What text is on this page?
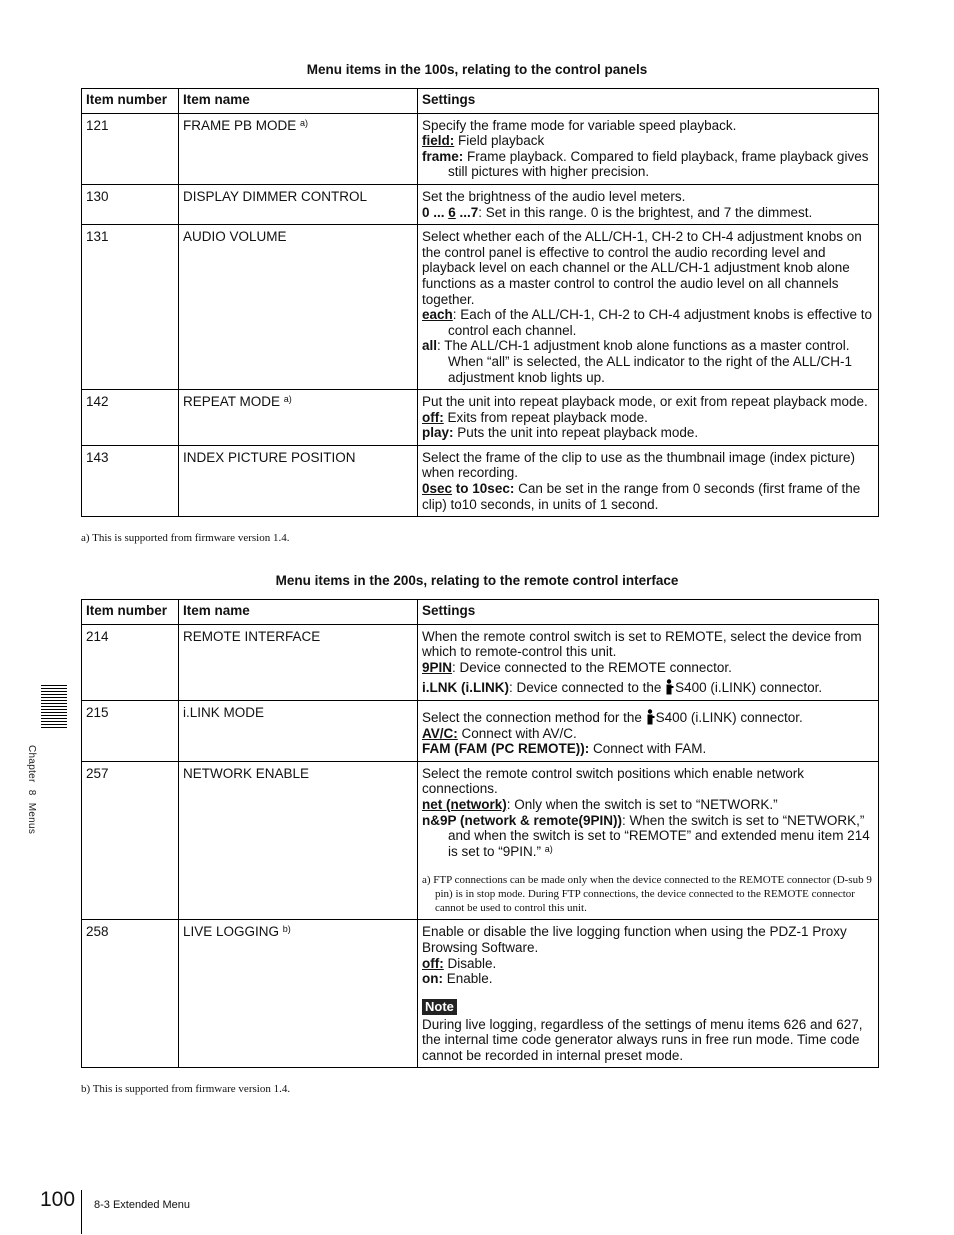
Menu items in the 100s, relating to the control panels
Item number	Item name	Settings
121	FRAME PB MODE $^{a)}$	Specify the frame mode for variable speed playback.
field: Field playback
frame: Frame playback. Compared to field playback, frame playback gives still pictures with higher precision.

130	DISPLAY DIMMER CONTROL	Set the brightness of the audio level meters.
0 ... 6 ...7: Set in this range. 0 is the brightest, and 7 the dimmest.

131	AUDIO VOLUME	Select whether each of the ALL/CH-1, CH-2 to CH-4 adjustment knobs on the control panel is effective to control the audio recording level and playback level on each channel or the ALL/CH-1 adjustment knob alone functions as a master control to control the audio level on all channels together.
each: Each of the ALL/CH-1, CH-2 to CH-4 adjustment knobs is effective to control each channel.
all: The ALL/CH-1 adjustment knob alone functions as a master control. When “all” is selected, the ALL indicator to the right of the ALL/CH-1 adjustment knob lights up.

142	REPEAT MODE $^{a)}$	Put the unit into repeat playback mode, or exit from repeat playback mode.
off: Exits from repeat playback mode.
play: Puts the unit into repeat playback mode.

143	INDEX PICTURE POSITION	Select the frame of the clip to use as the thumbnail image (index picture) when recording.
0sec to 10sec: Can be set in the range from 0 seconds (first frame of the clip) to10 seconds, in units of 1 second.
a) This is supported from firmware version 1.4.
Menu items in the 200s, relating to the remote control interface
Item number	Item name	Settings
214	REMOTE INTERFACE	When the remote control switch is set to REMOTE, select the device from which to remote-control this unit.
9PIN: Device connected to the REMOTE connector.
i.LNK (i.LINK): Device connected to the S400 (i.LINK) connector.

215	i.LINK MODE	Select the connection method for the S400 (i.LINK) connector.
AV/C: Connect with AV/C.
FAM (FAM (PC REMOTE)): Connect with FAM.

257	NETWORK ENABLE	Select the remote control switch positions which enable network connections.
net (network): Only when the switch is set to “NETWORK.”
n&9P (network & remote(9PIN)): When the switch is set to “NETWORK,” and when the switch is set to “REMOTE” and extended menu item 214 is set to “9PIN.” $^{a)}$
a) FTP connections can be made only when the device connected to the REMOTE connector (D-sub 9 pin) is in stop mode. During FTP connections, the device connected to the REMOTE connector cannot be used to control this unit.

258	LIVE LOGGING $^{b)}$	Enable or disable the live logging function when using the PDZ-1 Proxy Browsing Software.
off: Disable.
on: Enable.
Note
During live logging, regardless of the settings of menu items 626 and 627, the internal time code generator always runs in free run mode. Time code cannot be recorded in internal preset mode.
b) This is supported from firmware version 1.4.
Chapter 8 Menus
100 8-3 Extended Menu
